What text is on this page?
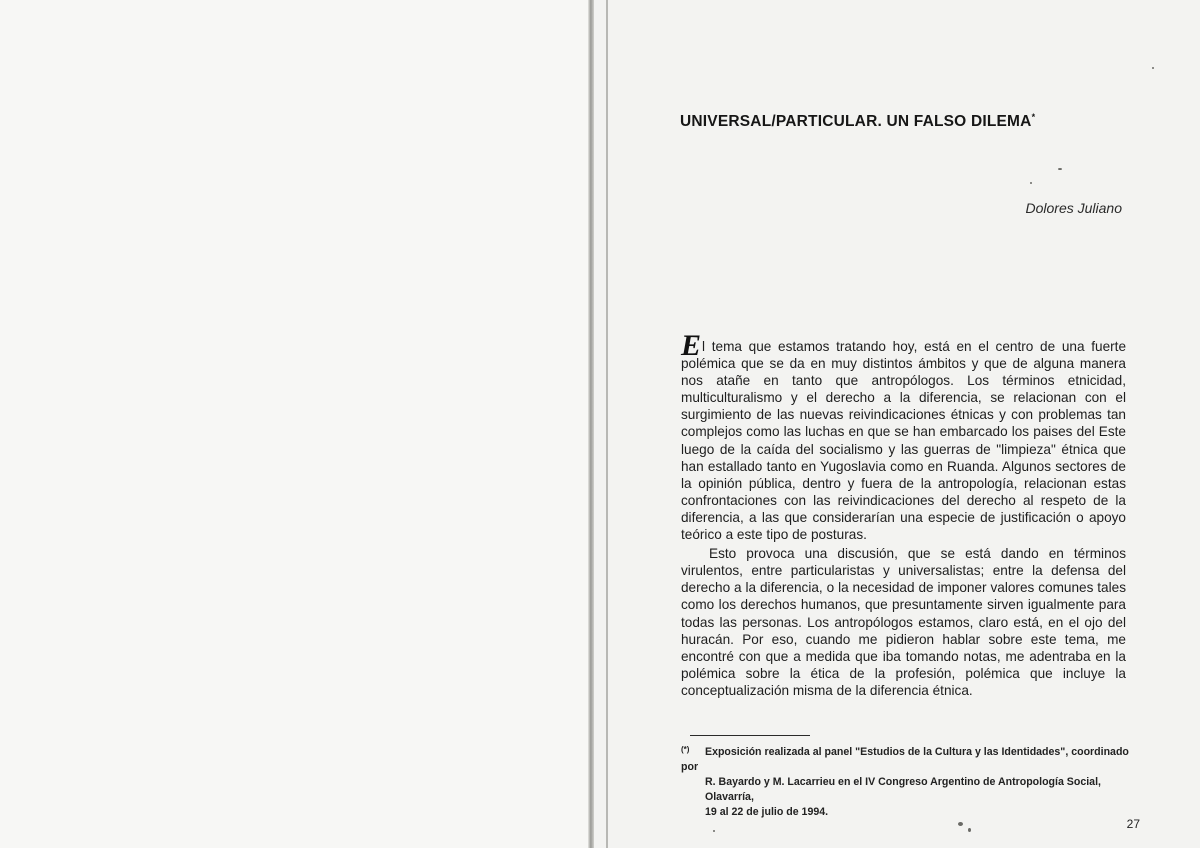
UNIVERSAL/PARTICULAR. UN FALSO DILEMA*
Dolores Juliano

El tema que estamos tratando hoy, está en el centro de una fuerte polémica que se da en muy distintos ámbitos y que de alguna manera nos atañe en tanto que antropólogos. Los términos etnicidad, multiculturalismo y el derecho a la diferencia, se relacionan con el surgimiento de las nuevas reivindicaciones étnicas y con problemas tan complejos como las luchas en que se han embarcado los paises del Este luego de la caída del socialismo y las guerras de "limpieza" étnica que han estallado tanto en Yugoslavia como en Ruanda. Algunos sectores de la opinión pública, dentro y fuera de la antropología, relacionan estas confrontaciones con las reivindicaciones del derecho al respeto de la diferencia, a las que considerarían una especie de justificación o apoyo teórico a este tipo de posturas.

Esto provoca una discusión, que se está dando en términos virulentos, entre particularistas y universalistas; entre la defensa del derecho a la diferencia, o la necesidad de imponer valores comunes tales como los derechos humanos, que presuntamente sirven igualmente para todas las personas. Los antropólogos estamos, claro está, en el ojo del huracán. Por eso, cuando me pidieron hablar sobre este tema, me encontré con que a medida que iba tomando notas, me adentraba en la polémica sobre la ética de la profesión, polémica que incluye la conceptualización misma de la diferencia étnica.

(*) Exposición realizada al panel "Estudios de la Cultura y las Identidades", coordinado por
R. Bayardo y M. Lacarrieu en el IV Congreso Argentino de Antropología Social, Olavarría,
19 al 22 de julio de 1994.
27
